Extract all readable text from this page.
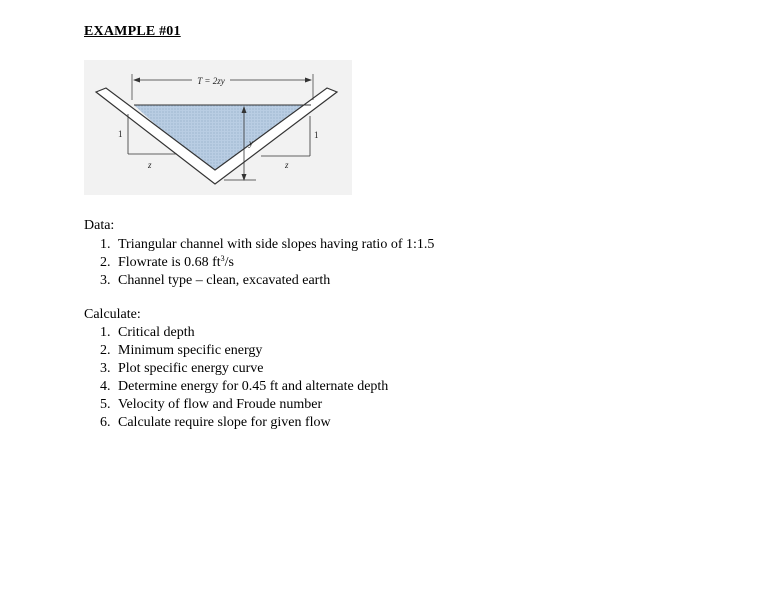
EXAMPLE #01
T = 2zy
y
1
z
1
z
Data:
1. Triangular channel with side slopes having ratio of 1:1.5
2. Flowrate is 0.68 $ft^3/s$
3. Channel type – clean, excavated earth
Calculate:
1. Critical depth
2. Minimum specific energy
3. Plot specific energy curve
4. Determine energy for 0.45 ft and alternate depth
5. Velocity of flow and Froude number
6. Calculate require slope for given flow
